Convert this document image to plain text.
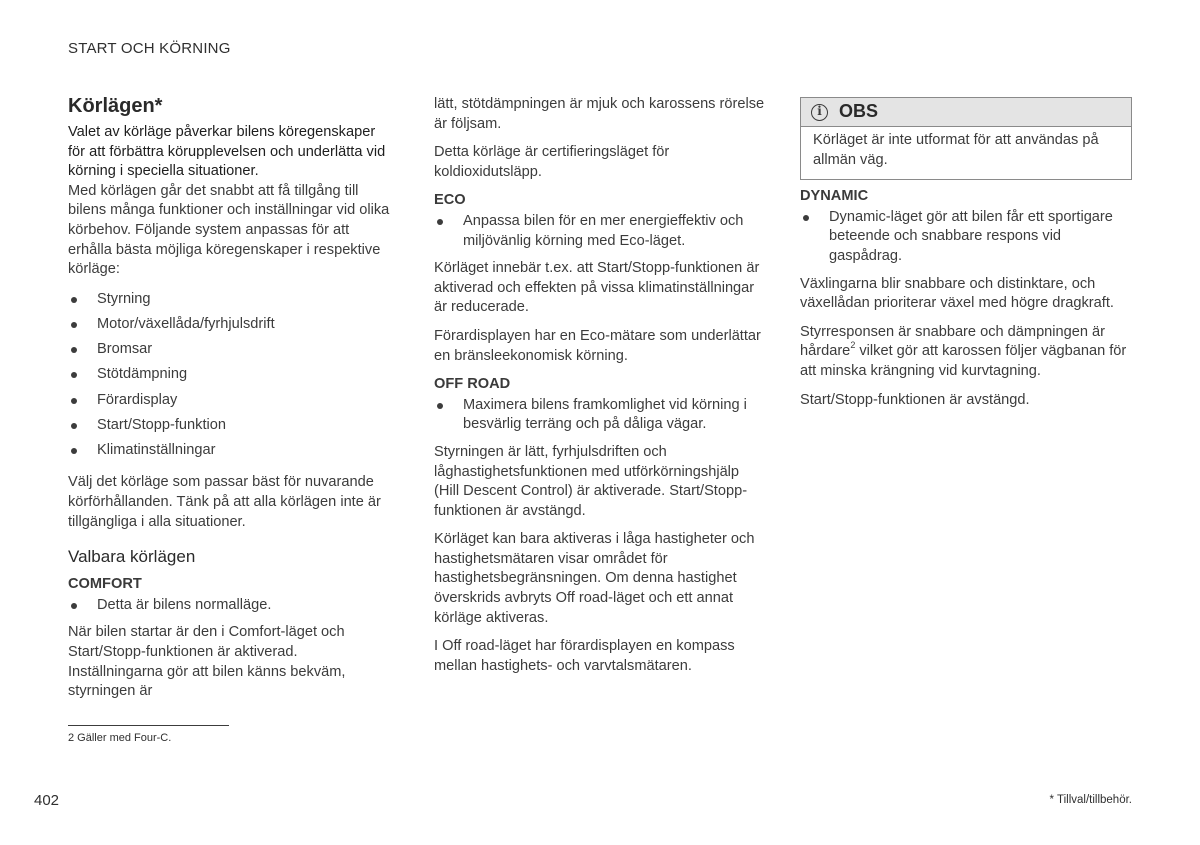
START OCH KÖRNING
Körlägen*

Valet av körläge påverkar bilens köregenskaper för att förbättra körupplevelsen och underlätta vid körning i speciella situationer.

Med körlägen går det snabbt att få tillgång till bilens många funktioner och inställningar vid olika körbehov. Följande system anpassas för att erhålla bästa möjliga köregenskaper i respektive körläge:

Styrning
Motor/växellåda/fyrhjulsdrift
Bromsar
Stötdämpning
Förardisplay
Start/Stopp-funktion
Klimatinställningar

Välj det körläge som passar bäst för nuvarande körförhållanden. Tänk på att alla körlägen inte är tillgängliga i alla situationer.

Valbara körlägen
COMFORT
Detta är bilens normalläge.

När bilen startar är den i Comfort-läget och Start/Stopp-funktionen är aktiverad. Inställningarna gör att bilen känns bekväm, styrningen är

lätt, stötdämpningen är mjuk och karossens rörelse är följsam.

Detta körläge är certifieringsläget för koldioxidutsläpp.

ECO
Anpassa bilen för en mer energieffektiv och miljövänlig körning med Eco-läget.

Körläget innebär t.ex. att Start/Stopp-funktionen är aktiverad och effekten på vissa klimatinställningar är reducerade.

Förardisplayen har en Eco-mätare som underlättar en bränsleekonomisk körning.

OFF ROAD
Maximera bilens framkomlighet vid körning i besvärlig terräng och på dåliga vägar.

Styrningen är lätt, fyrhjulsdriften och låghastighetsfunktionen med utförkörningshjälp (Hill Descent Control) är aktiverade. Start/Stopp-funktionen är avstängd.

Körläget kan bara aktiveras i låga hastigheter och hastighetsmätaren visar området för hastighetsbegränsningen. Om denna hastighet överskrids avbryts Off road-läget och ett annat körläge aktiveras.

I Off road-läget har förardisplayen en kompass mellan hastighets- och varvtalsmätaren.

i OBS
Körläget är inte utformat för att användas på allmän väg.
DYNAMIC
Dynamic-läget gör att bilen får ett sportigare beteende och snabbare respons vid gaspådrag.

Växlingarna blir snabbare och distinktare, och växellådan prioriterar växel med högre dragkraft.

Styrresponsen är snabbare och dämpningen är hårdare$^2$ vilket gör att karossen följer vägbanan för att minska krängning vid kurvtagning.

Start/Stopp-funktionen är avstängd.

2 Gäller med Four-C.
402	* Tillval/tillbehör.
